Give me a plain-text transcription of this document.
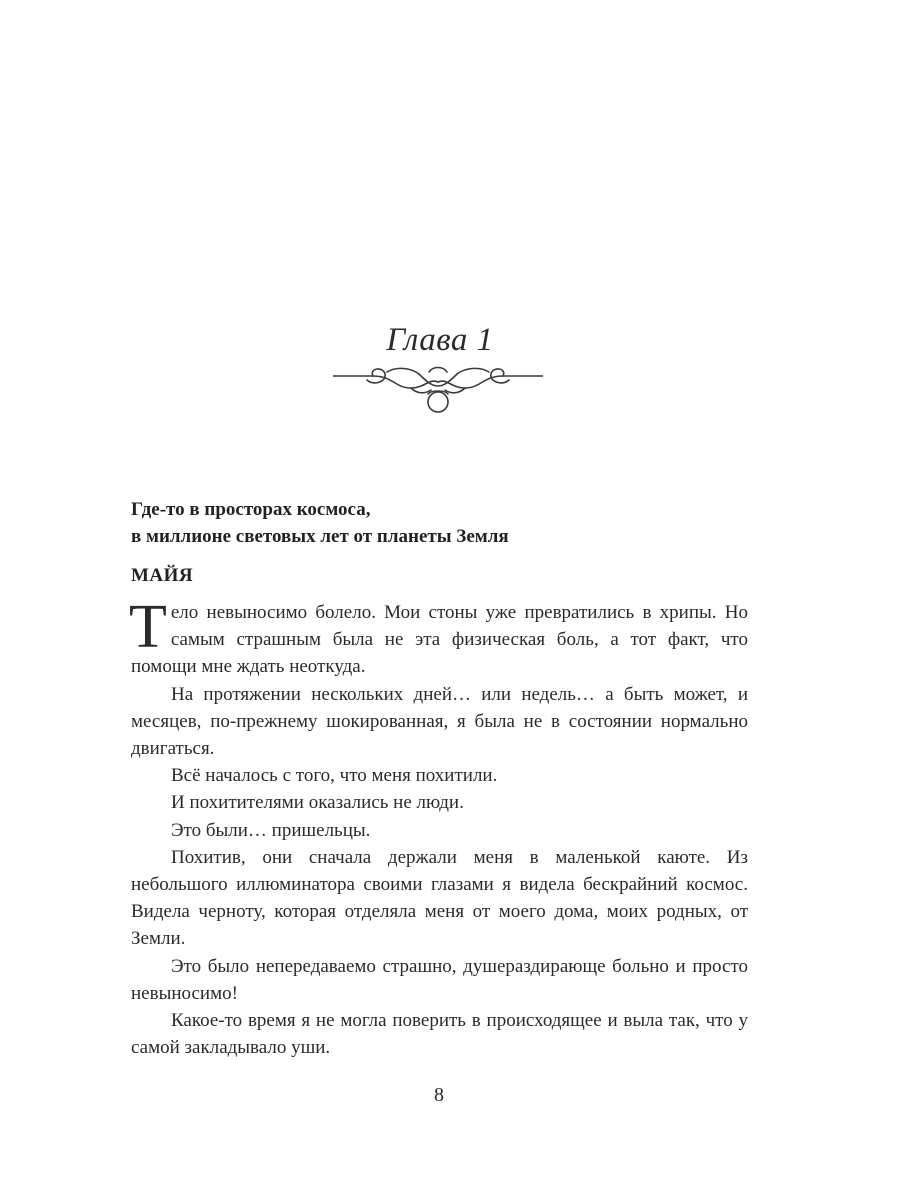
Глава 1
Где-то в просторах космоса,
в миллионе световых лет от планеты Земля
МАЙЯ

Тело невыносимо болело. Мои стоны уже превратились в хрипы. Но самым страшным была не эта физическая боль, а тот факт, что помощи мне ждать неоткуда.

На протяжении нескольких дней… или недель… а быть может, и месяцев, по-прежнему шокированная, я была не в состоянии нормально двигаться.

Всё началось с того, что меня похитили.

И похитителями оказались не люди.

Это были… пришельцы.

Похитив, они сначала держали меня в маленькой каюте. Из небольшого иллюминатора своими глазами я видела бескрайний космос. Видела черноту, которая отделяла меня от моего дома, моих родных, от Земли.

Это было непередаваемо страшно, душераздирающе больно и просто невыносимо!

Какое-то время я не могла поверить в происходящее и выла так, что у самой закладывало уши.

8
